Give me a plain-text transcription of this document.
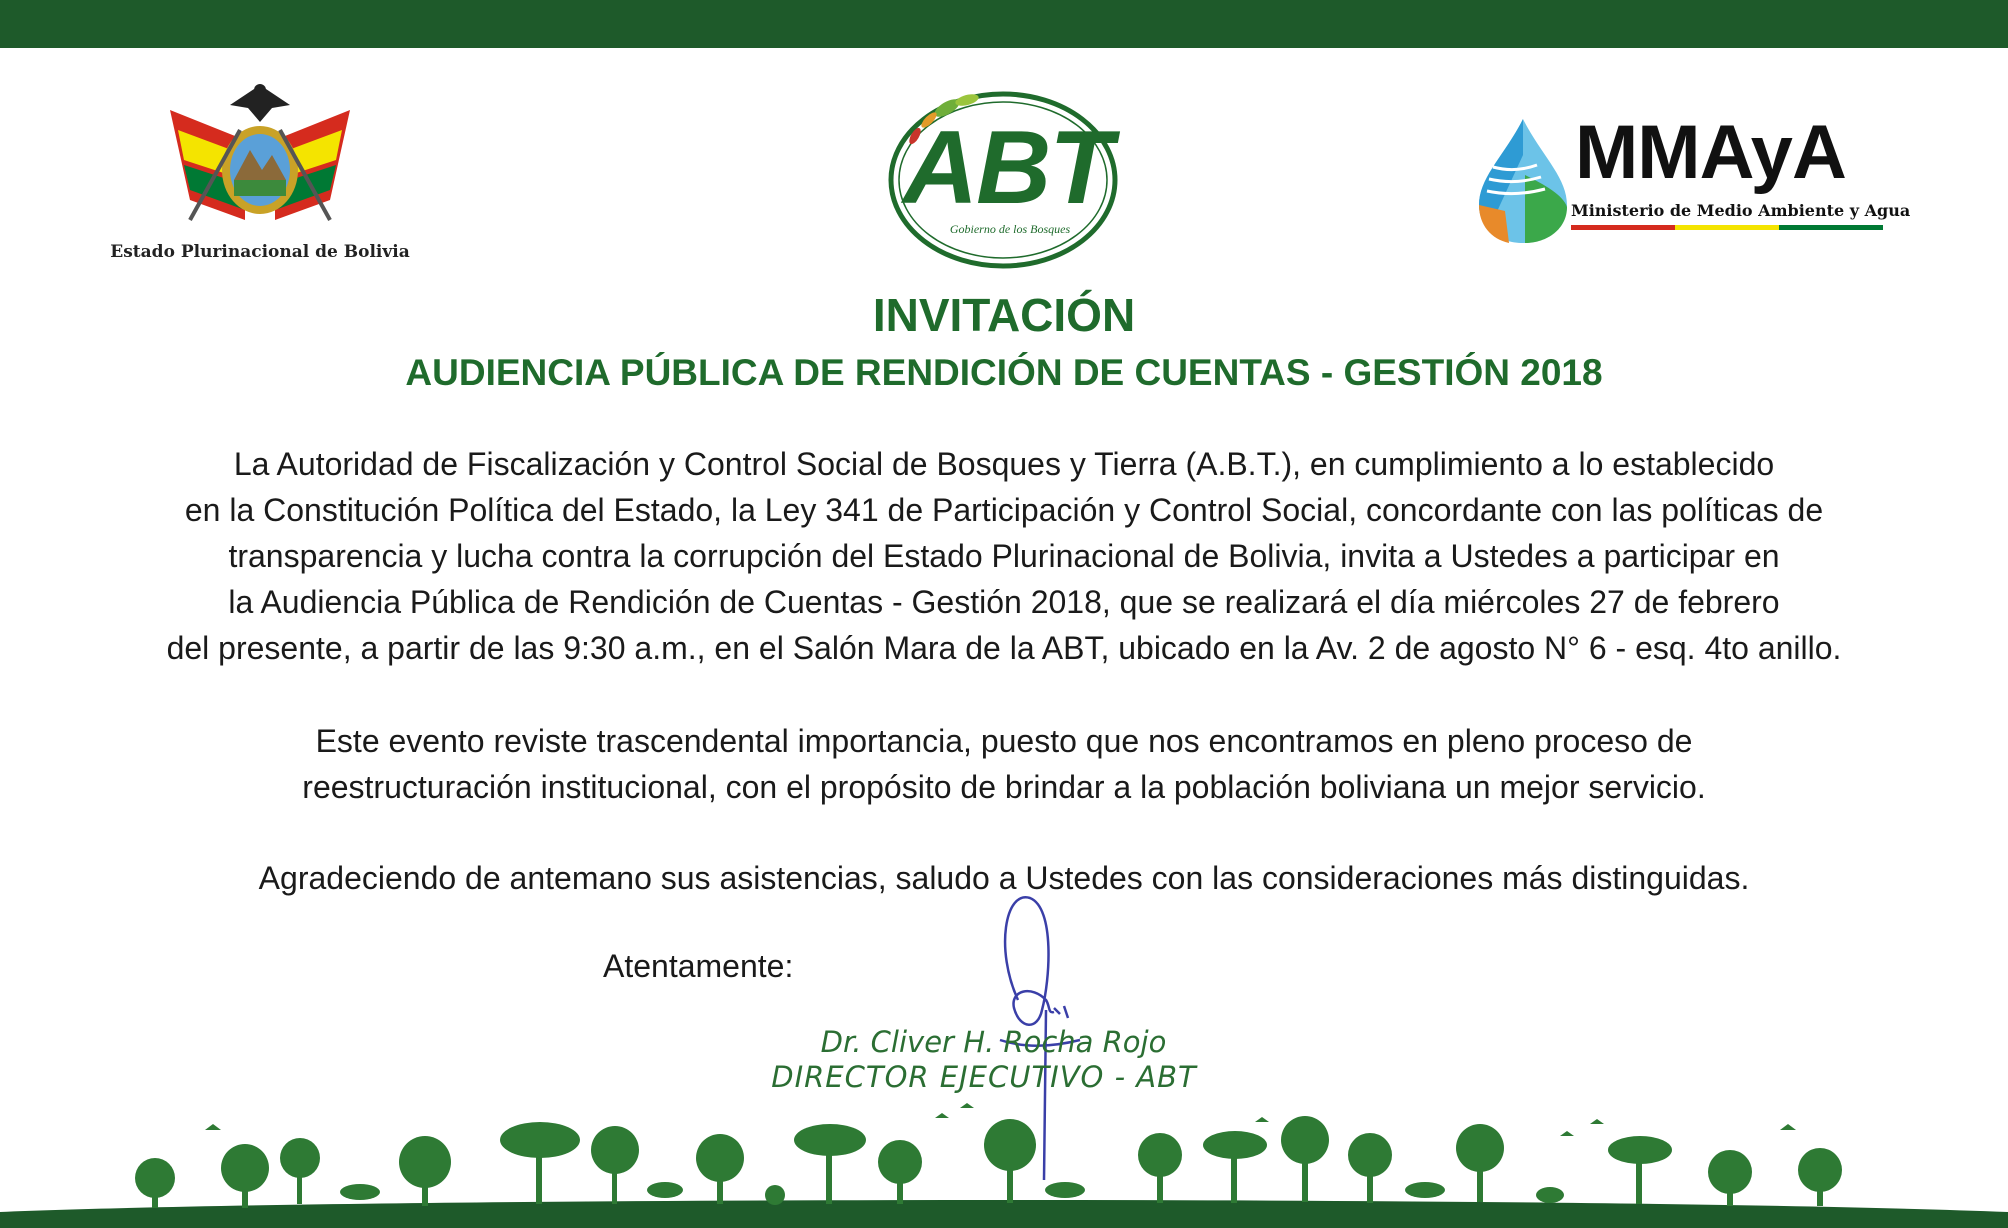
Estado Plurinacional de Bolivia
ABT
Gobierno de los Bosques
MMAyA
Ministerio de Medio Ambiente y Agua
INVITACIÓN
AUDIENCIA PÚBLICA DE RENDICIÓN DE CUENTAS - GESTIÓN 2018
La Autoridad de Fiscalización y Control Social de Bosques y Tierra (A.B.T.), en cumplimiento a lo establecido
en la Constitución Política del Estado, la Ley 341 de Participación y Control Social, concordante con las políticas de
transparencia y lucha contra la corrupción del Estado Plurinacional de Bolivia, invita a Ustedes a participar en
la Audiencia Pública de Rendición de Cuentas - Gestión 2018, que se realizará el día miércoles 27 de febrero
del presente, a partir de las 9:30 a.m., en el Salón Mara de la ABT, ubicado en la Av. 2 de agosto N° 6 - esq. 4to anillo.
Este evento reviste trascendental importancia, puesto que nos encontramos en pleno proceso de
reestructuración institucional, con el propósito de brindar a la población boliviana un mejor servicio.
Agradeciendo de antemano sus asistencias, saludo a Ustedes con las consideraciones más distinguidas.
Atentamente:
Dr. Cliver H. Rocha Rojo
DIRECTOR EJECUTIVO - ABT
